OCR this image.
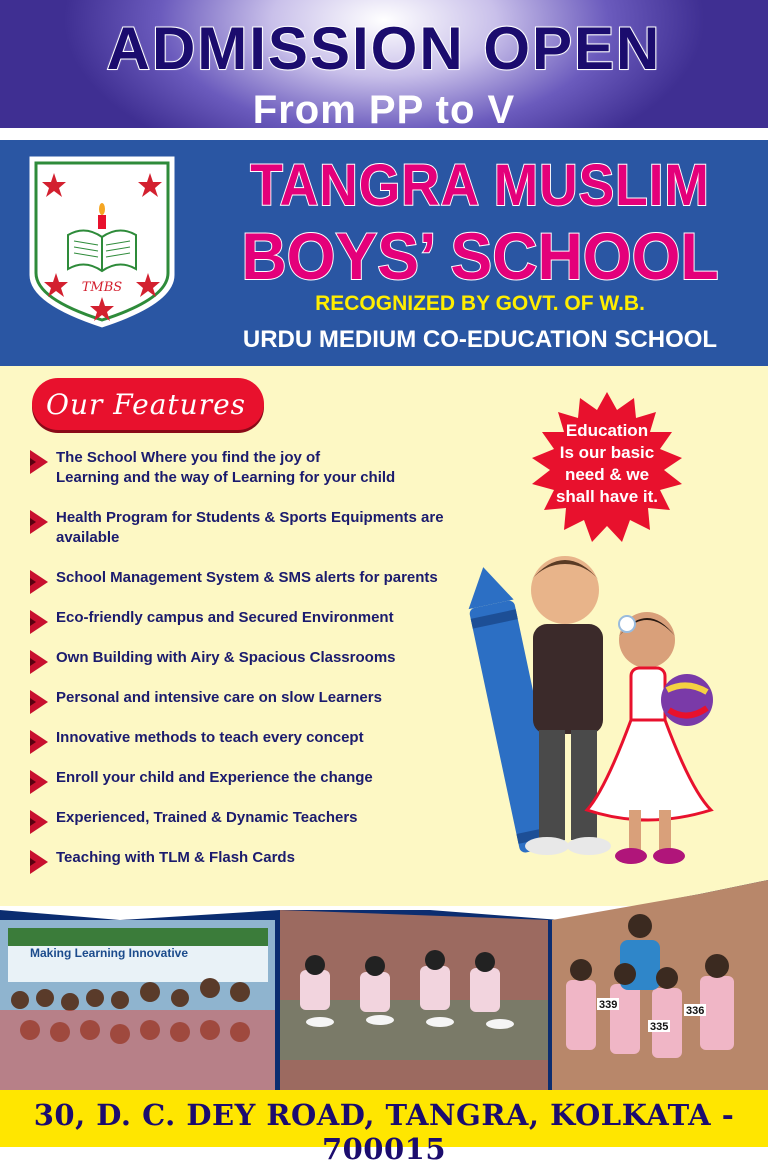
ADMISSION OPEN
From PP to V
TMBS
TANGRA MUSLIM
BOYS’ SCHOOL
RECOGNIZED BY GOVT. OF W.B.
URDU MEDIUM CO-EDUCATION SCHOOL
Our Features
The School Where you find the joy of
Learning and the way of Learning for your child
Health Program for Students & Sports Equipments are
available
School Management System & SMS alerts for parents
Eco-friendly campus and Secured Environment
Own Building with Airy & Spacious Classrooms
Personal and intensive care on slow Learners
Innovative methods to teach every concept
Enroll your child and Experience the change
Experienced, Trained & Dynamic Teachers
Teaching with TLM & Flash Cards
Education
Is our basic
need & we
shall have it.
Making Learning Innovative
339
335
336
30, D. C. DEY ROAD, TANGRA, KOLKATA - 700015
